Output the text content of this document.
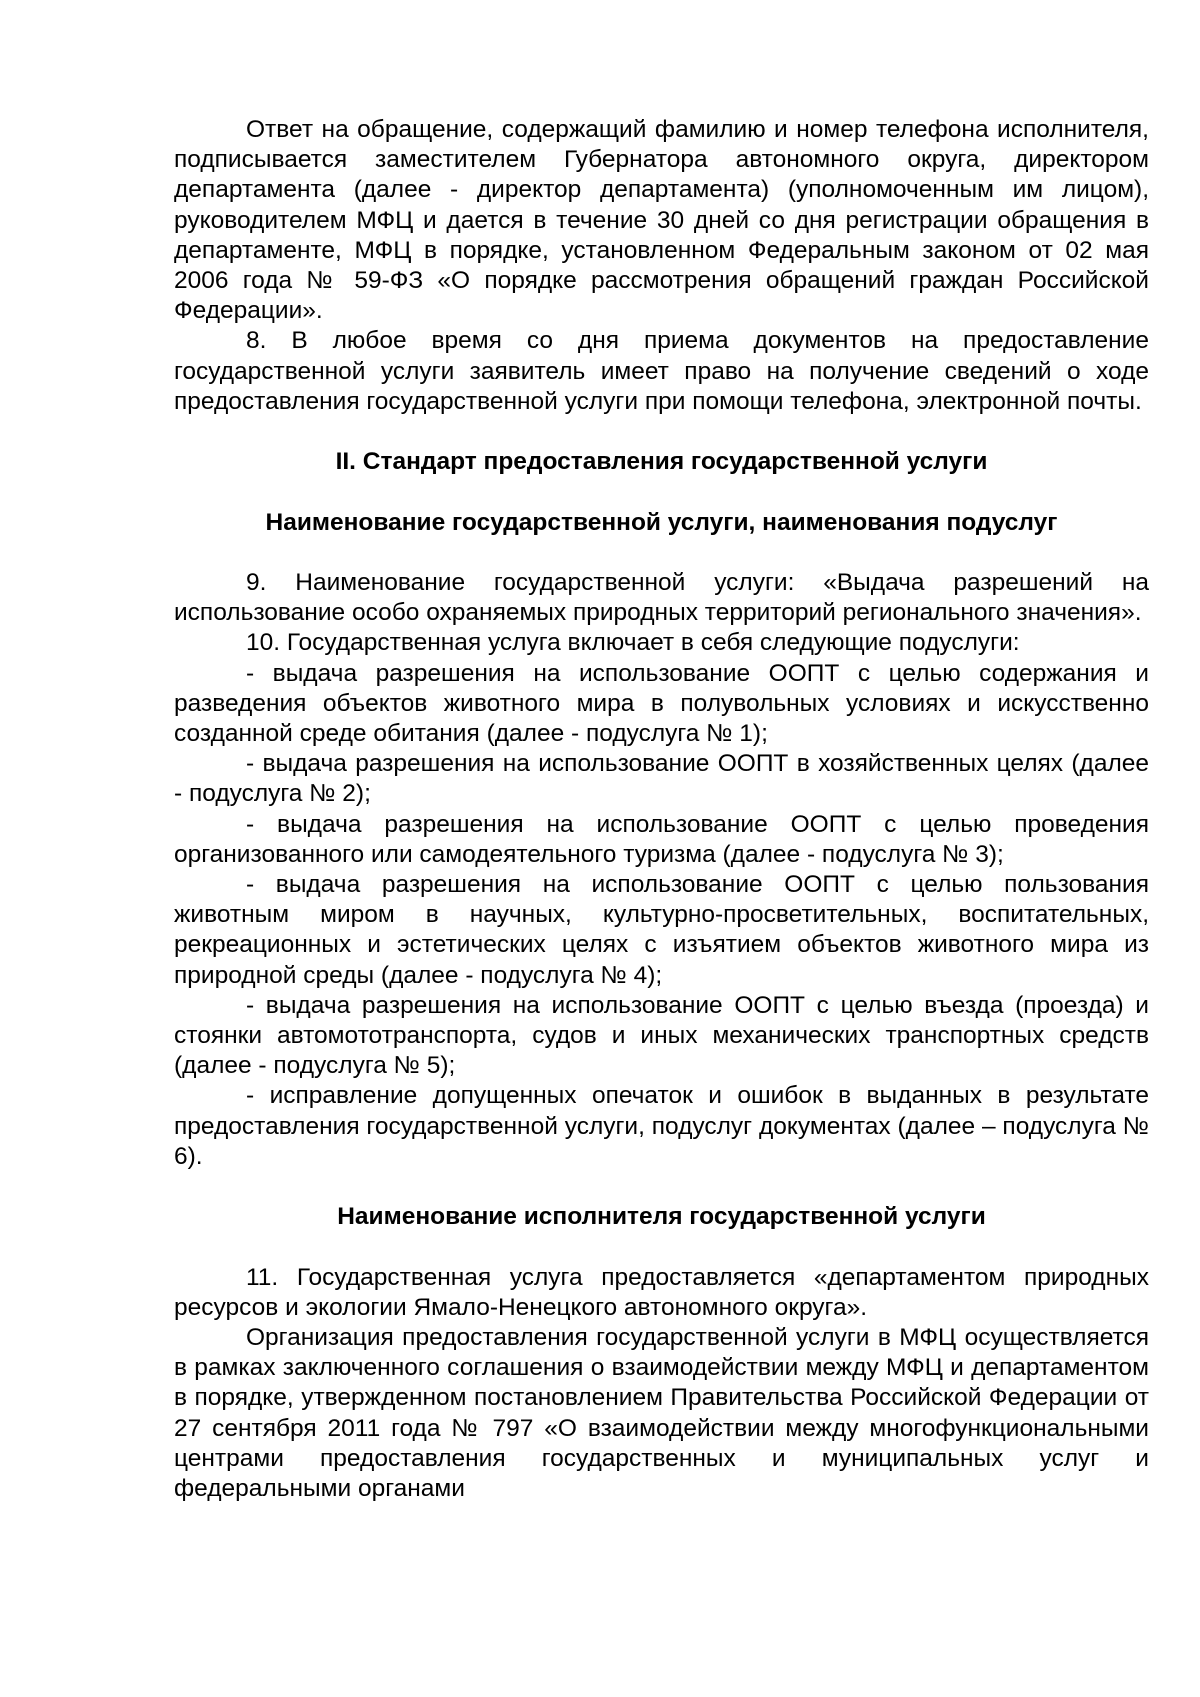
Ответ на обращение, содержащий фамилию и номер телефона исполнителя, подписывается заместителем Губернатора автономного округа, директором департамента (далее - директор департамента) (уполномоченным им лицом), руководителем МФЦ и дается в течение 30 дней со дня регистрации обращения в департаменте, МФЦ в порядке, установленном Федеральным законом от 02 мая 2006 года № 59-ФЗ «О порядке рассмотрения обращений граждан Российской Федерации».

8. В любое время со дня приема документов на предоставление государственной услуги заявитель имеет право на получение сведений о ходе предоставления государственной услуги при помощи телефона, электронной почты.

II. Стандарт предоставления государственной услуги

Наименование государственной услуги, наименования подуслуг

9. Наименование государственной услуги: «Выдача разрешений на использование особо охраняемых природных территорий регионального значения».

10. Государственная услуга включает в себя следующие подуслуги:

- выдача разрешения на использование ООПТ с целью содержания и разведения объектов животного мира в полувольных условиях и искусственно созданной среде обитания (далее - подуслуга № 1);

- выдача разрешения на использование ООПТ в хозяйственных целях (далее - подуслуга № 2);

- выдача разрешения на использование ООПТ с целью проведения организованного или самодеятельного туризма (далее - подуслуга № 3);

- выдача разрешения на использование ООПТ с целью пользования животным миром в научных, культурно-просветительных, воспитательных, рекреационных и эстетических целях с изъятием объектов животного мира из природной среды (далее - подуслуга № 4);

- выдача разрешения на использование ООПТ с целью въезда (проезда) и стоянки автомототранспорта, судов и иных механических транспортных средств (далее - подуслуга № 5);

- исправление допущенных опечаток и ошибок в выданных в результате предоставления государственной услуги, подуслуг документах (далее – подуслуга № 6).

Наименование исполнителя государственной услуги

11. Государственная услуга предоставляется «департаментом природных ресурсов и экологии Ямало-Ненецкого автономного округа».

Организация предоставления государственной услуги в МФЦ осуществляется в рамках заключенного соглашения о взаимодействии между МФЦ и департаментом в порядке, утвержденном постановлением Правительства Российской Федерации от 27 сентября 2011 года № 797 «О взаимодействии между многофункциональными центрами предоставления государственных и муниципальных услуг и федеральными органами
